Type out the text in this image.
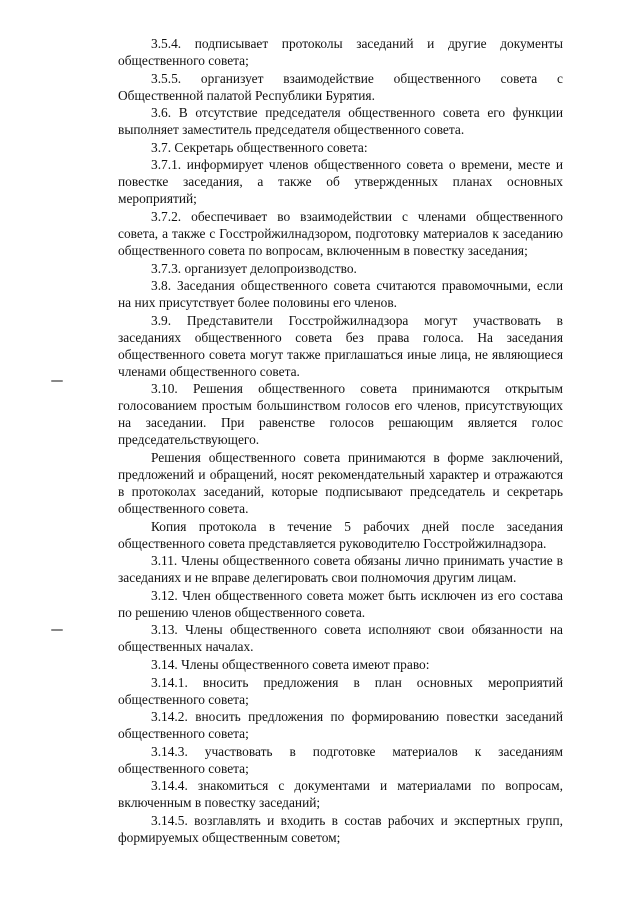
3.5.4. подписывает протоколы заседаний и другие документы общественного совета;

3.5.5. организует взаимодействие общественного совета с Общественной палатой Республики Бурятия.

3.6. В отсутствие председателя общественного совета его функции выполняет заместитель председателя общественного совета.

3.7. Секретарь общественного совета:

3.7.1. информирует членов общественного совета о времени, месте и повестке заседания, а также об утвержденных планах основных мероприятий;

3.7.2. обеспечивает во взаимодействии с членами общественного совета, а также с Госстройжилнадзором, подготовку материалов к заседанию общественного совета по вопросам, включенным в повестку заседания;

3.7.3. организует делопроизводство.

3.8. Заседания общественного совета считаются правомочными, если на них присутствует более половины его членов.

3.9. Представители Госстройжилнадзора могут участвовать в заседаниях общественного совета без права голоса. На заседания общественного совета могут также приглашаться иные лица, не являющиеся членами общественного совета.

3.10. Решения общественного совета принимаются открытым голосованием простым большинством голосов его членов, присутствующих на заседании. При равенстве голосов решающим является голос председательствующего.

Решения общественного совета принимаются в форме заключений, предложений и обращений, носят рекомендательный характер и отражаются в протоколах заседаний, которые подписывают председатель и секретарь общественного совета.

Копия протокола в течение 5 рабочих дней после заседания общественного совета представляется руководителю Госстройжилнадзора.

3.11. Члены общественного совета обязаны лично принимать участие в заседаниях и не вправе делегировать свои полномочия другим лицам.

3.12. Член общественного совета может быть исключен из его состава по решению членов общественного совета.

3.13. Члены общественного совета исполняют свои обязанности на общественных началах.

3.14. Члены общественного совета имеют право:

3.14.1. вносить предложения в план основных мероприятий общественного совета;

3.14.2. вносить предложения по формированию повестки заседаний общественного совета;

3.14.3. участвовать в подготовке материалов к заседаниям общественного совета;

3.14.4. знакомиться с документами и материалами по вопросам, включенным в повестку заседаний;

3.14.5. возглавлять и входить в состав рабочих и экспертных групп, формируемых общественным советом;
